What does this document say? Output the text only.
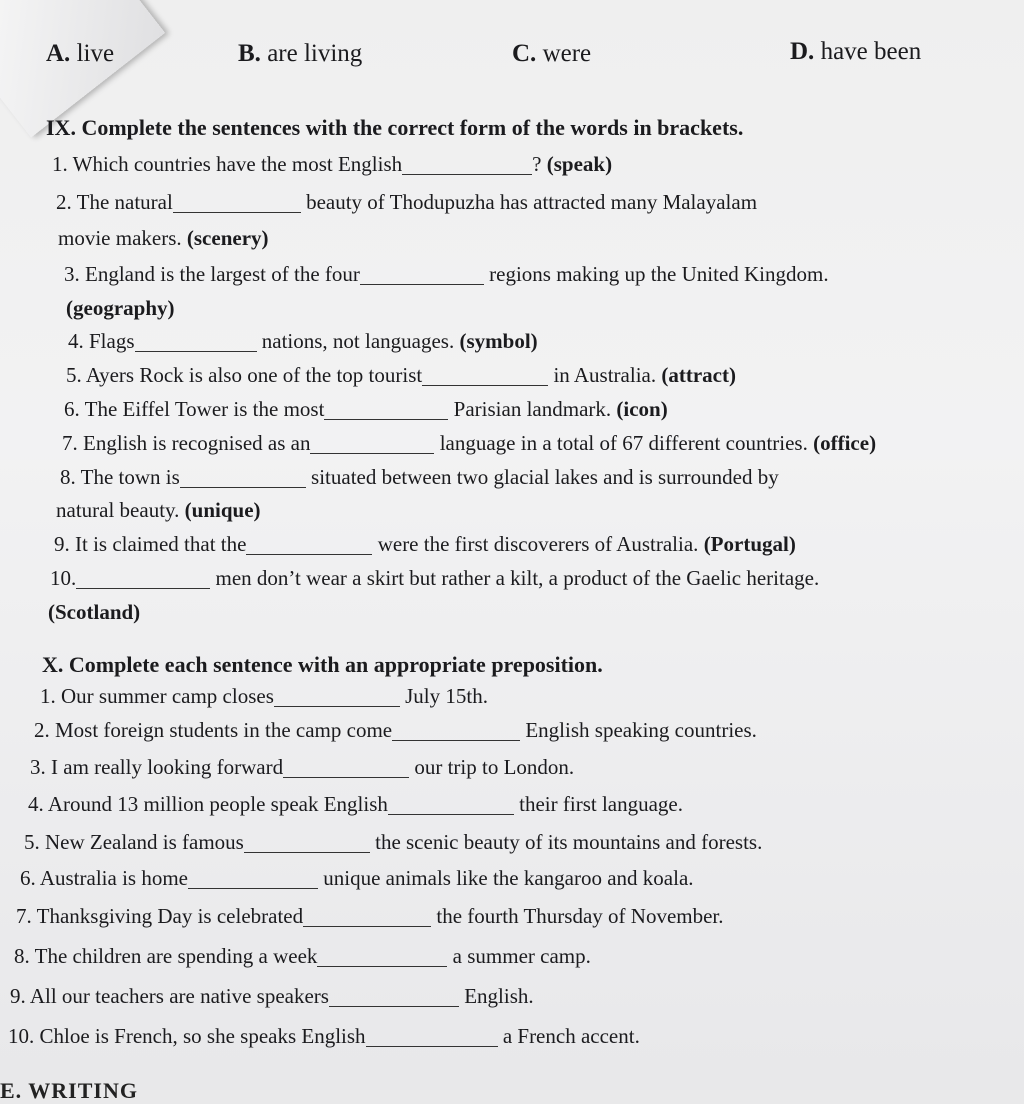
A. live	B. are living	C. were	D. have been
IX. Complete the sentences with the correct form of the words in brackets.
1. Which countries have the most English	? (speak)
2. The natural	beauty of Thodupuzha has attracted many Malayalam
movie makers. (scenery)
3. England is the largest of the four	regions making up the United Kingdom.
(geography)
4. Flags	nations, not languages. (symbol)
5. Ayers Rock is also one of the top tourist	in Australia. (attract)
6. The Eiffel Tower is the most	Parisian landmark. (icon)
7. English is recognised as an	language in a total of 67 different countries. (office)
8. The town is	situated between two glacial lakes and is surrounded by
natural beauty. (unique)
9. It is claimed that the	were the first discoverers of Australia. (Portugal)
10.	men don’t wear a skirt but rather a kilt, a product of the Gaelic heritage.
(Scotland)
X. Complete each sentence with an appropriate preposition.
1. Our summer camp closes	July 15th.
2. Most foreign students in the camp come	English speaking countries.
3. I am really looking forward	our trip to London.
4. Around 13 million people speak English	their first language.
5. New Zealand is famous	the scenic beauty of its mountains and forests.
6. Australia is home	unique animals like the kangaroo and koala.
7. Thanksgiving Day is celebrated	the fourth Thursday of November.
8. The children are spending a week	a summer camp.
9. All our teachers are native speakers	English.
10. Chloe is French, so she speaks English	a French accent.
E. WRITING
